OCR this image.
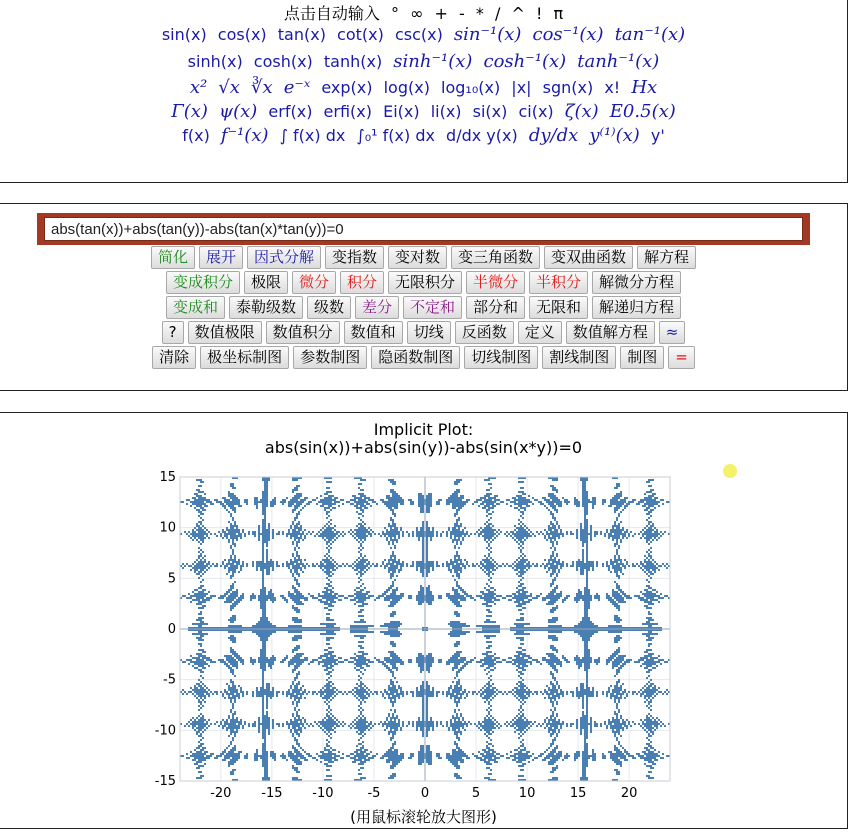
点击自动输入 ° ∞ + - * / ^ ! π
sin(x) cos(x) tan(x) cot(x) csc(x) sin⁻¹(x) cos⁻¹(x) tan⁻¹(x)
sinh(x) cosh(x) tanh(x) sinh⁻¹(x) cosh⁻¹(x) tanh⁻¹(x)
x² √x ∛x e⁻ˣ exp(x) log(x) log₁₀(x) |x| sgn(x) x! Hx
Γ(x) ψ(x) erf(x) erfi(x) Ei(x) li(x) si(x) ci(x) ζ(x) E0.5(x)
f(x) f⁻¹(x) ∫ f(x) dx ∫₀¹ f(x) dx d/dx y(x) dy/dx y⁽¹⁾(x) y'
abs(tan(x))+abs(tan(y))-abs(tan(x)*tan(y))=0
简化 展开 因式分解 变指数 变对数 变三角函数 变双曲函数 解方程
变成积分 极限 微分 积分 无限积分 半微分 半积分 解微分方程
变成和 泰勒级数 级数 差分 不定和 部分和 无限和 解递归方程
? 数值极限 数值积分 数值和 切线 反函数 定义 数值解方程 ≈
清除 极坐标制图 参数制图 隐函数制图 切线制图 割线制图 制图 =
-20 -15 -10	-5	0	5	10	15	20
-15
-10
-5
0
5
10
15
Implicit Plot:
abs(sin(x))+abs(sin(y))-abs(sin(x*y))=0
(用鼠标滚轮放大图形)
